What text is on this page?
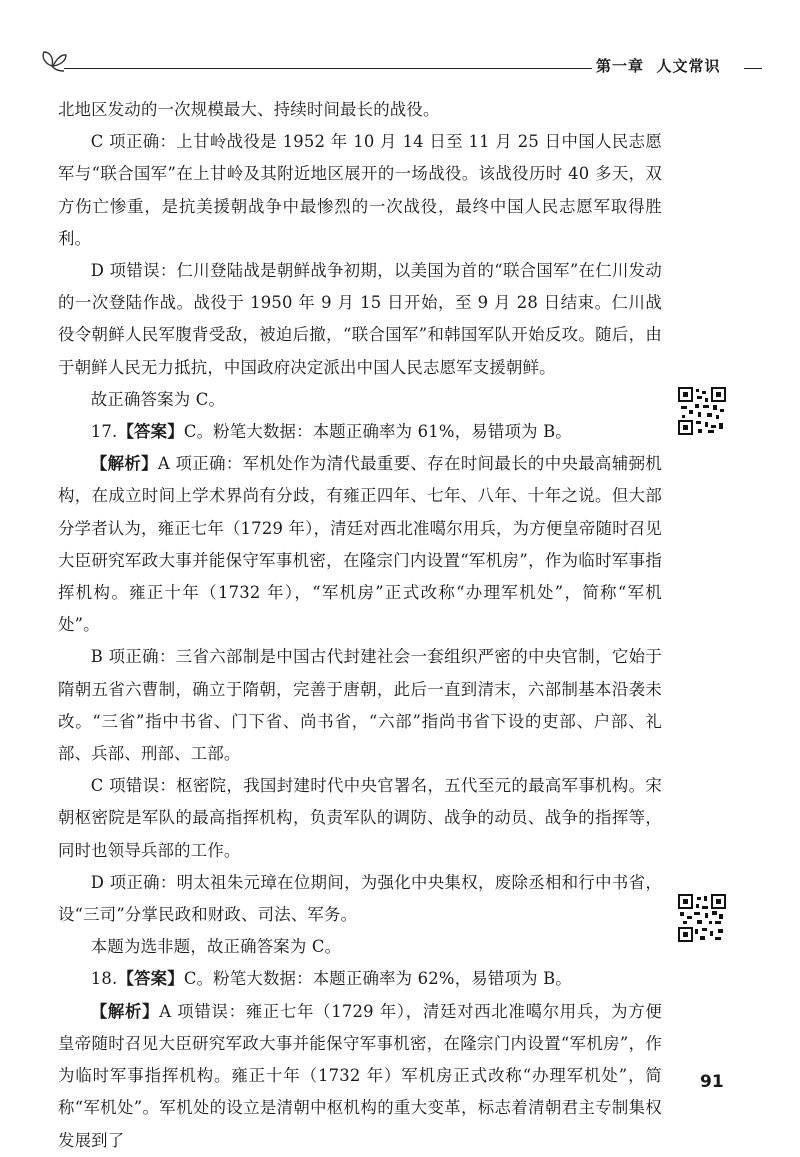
第一章 人文常识

北地区发动的一次规模最大、持续时间最长的战役。

C 项正确：上甘岭战役是 1952 年 10 月 14 日至 11 月 25 日中国人民志愿军与“联合国军”在上甘岭及其附近地区展开的一场战役。该战役历时 40 多天，双方伤亡惨重，是抗美援朝战争中最惨烈的一次战役，最终中国人民志愿军取得胜利。

D 项错误：仁川登陆战是朝鲜战争初期，以美国为首的“联合国军”在仁川发动的一次登陆作战。战役于 1950 年 9 月 15 日开始，至 9 月 28 日结束。仁川战役令朝鲜人民军腹背受敌，被迫后撤，“联合国军”和韩国军队开始反攻。随后，由于朝鲜人民无力抵抗，中国政府决定派出中国人民志愿军支援朝鲜。

故正确答案为 C。

17.【答案】C。粉笔大数据：本题正确率为 61%，易错项为 B。

【解析】A 项正确：军机处作为清代最重要、存在时间最长的中央最高辅弼机构，在成立时间上学术界尚有分歧，有雍正四年、七年、八年、十年之说。但大部分学者认为，雍正七年（1729 年），清廷对西北准噶尔用兵，为方便皇帝随时召见大臣研究军政大事并能保守军事机密，在隆宗门内设置“军机房”，作为临时军事指挥机构。雍正十年（1732 年），“军机房”正式改称“办理军机处”，简称“军机处”。

B 项正确：三省六部制是中国古代封建社会一套组织严密的中央官制，它始于隋朝五省六曹制，确立于隋朝，完善于唐朝，此后一直到清末，六部制基本沿袭未改。“三省”指中书省、门下省、尚书省，“六部”指尚书省下设的吏部、户部、礼部、兵部、刑部、工部。

C 项错误：枢密院，我国封建时代中央官署名，五代至元的最高军事机构。宋朝枢密院是军队的最高指挥机构，负责军队的调防、战争的动员、战争的指挥等，同时也领导兵部的工作。

D 项正确：明太祖朱元璋在位期间，为强化中央集权，废除丞相和行中书省，设“三司”分掌民政和财政、司法、军务。

本题为选非题，故正确答案为 C。

18.【答案】C。粉笔大数据：本题正确率为 62%，易错项为 B。

【解析】A 项错误：雍正七年（1729 年），清廷对西北准噶尔用兵，为方便皇帝随时召见大臣研究军政大事并能保守军事机密，在隆宗门内设置“军机房”，作为临时军事指挥机构。雍正十年（1732 年）军机房正式改称“办理军机处”，简称“军机处”。军机处的设立是清朝中枢机构的重大变革，标志着清朝君主专制集权发展到了

91
